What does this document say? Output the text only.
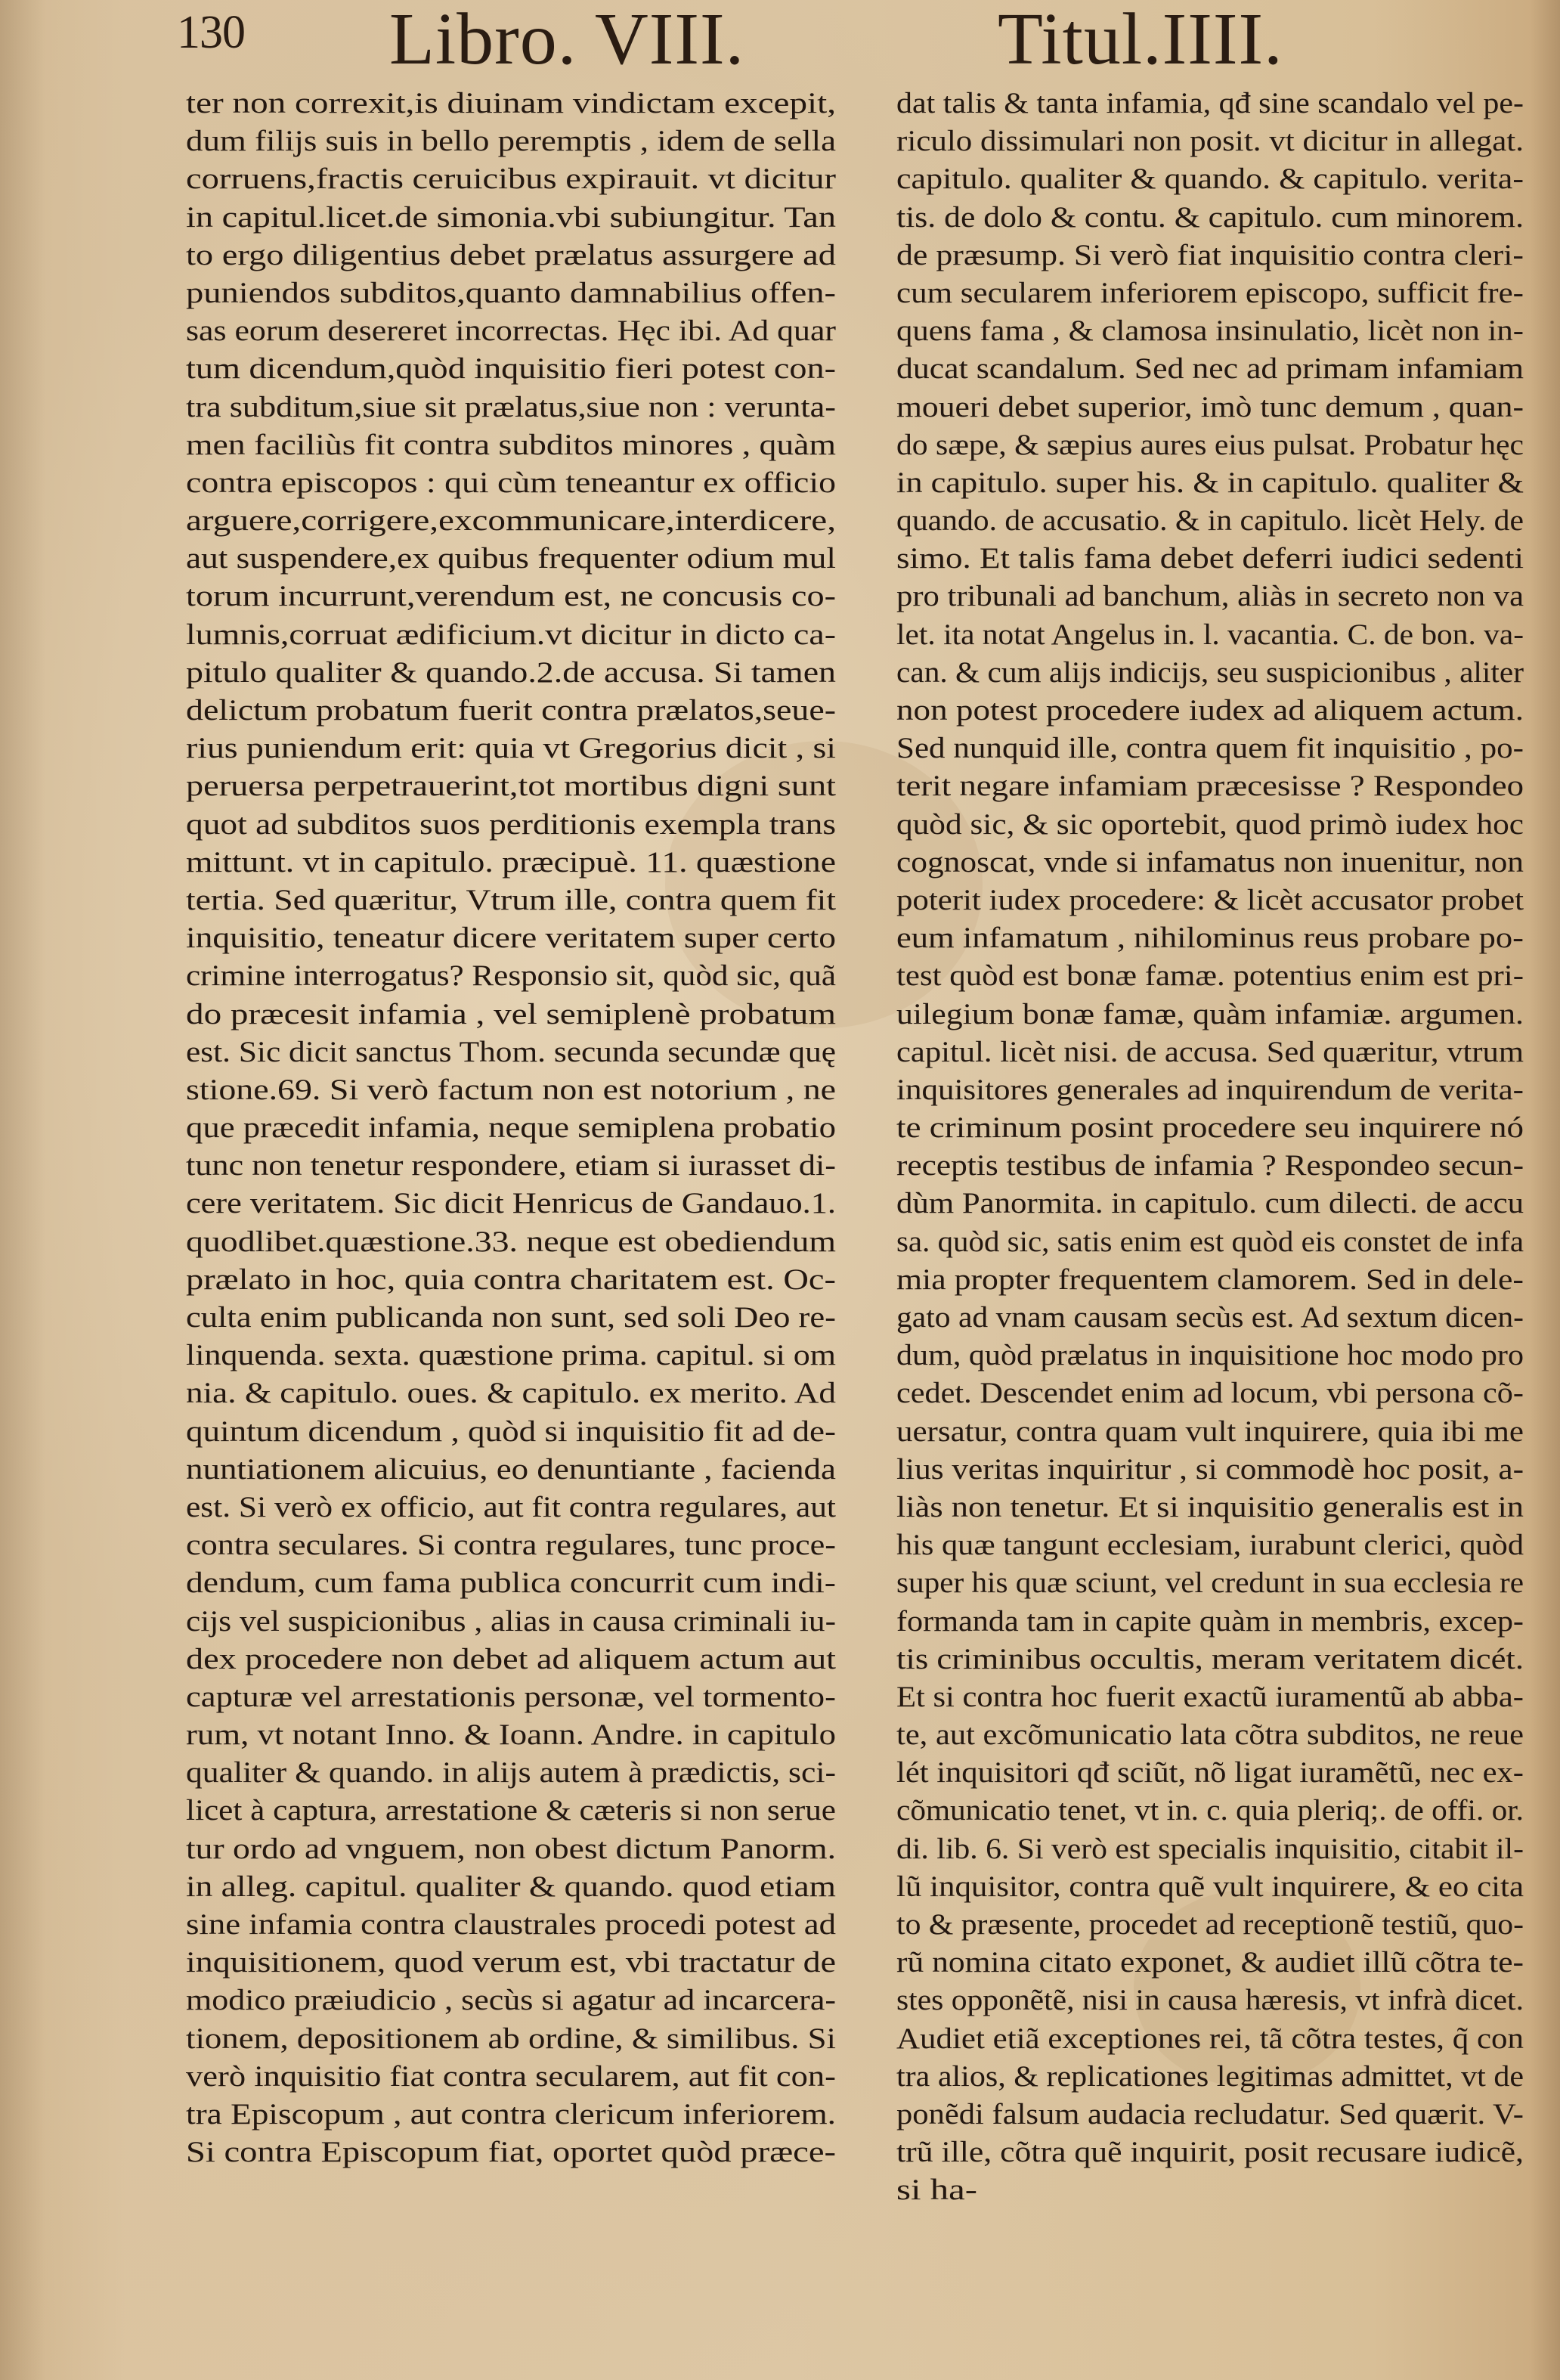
130 Libro. VIII.	Titul.IIII.
ter non correxit,is diuinam vindictam excepit,
dum filijs suis in bello peremptis , idem de sella
corruens,fractis ceruicibus expirauit. vt dicitur
in capitul.licet.de simonia.vbi subiungitur. Tan
to ergo diligentius debet prælatus assurgere ad
puniendos subditos,quanto damnabilius offen-
sas eorum desereret incorrectas. Hęc ibi. Ad quar
tum dicendum,quòd inquisitio fieri potest con-
tra subditum,siue sit prælatus,siue non : verunta-
men faciliùs fit contra subditos minores , quàm
contra episcopos : qui cùm teneantur ex officio
arguere,corrigere,excommunicare,interdicere,
aut suspendere,ex quibus frequenter odium mul
torum incurrunt,verendum est, ne concusis co-
lumnis,corruat ædificium.vt dicitur in dicto ca-
pitulo qualiter & quando.2.de accusa. Si tamen
delictum probatum fuerit contra prælatos,seue-
rius puniendum erit: quia vt Gregorius dicit , si
peruersa perpetrauerint,tot mortibus digni sunt
quot ad subditos suos perditionis exempla trans
mittunt. vt in capitulo. præcipuè. 11. quæstione
tertia. Sed quæritur, Vtrum ille, contra quem fit
inquisitio, teneatur dicere veritatem super certo
crimine interrogatus? Responsio sit, quòd sic, quã
do præcesit infamia , vel semiplenè probatum
est. Sic dicit sanctus Thom. secunda secundæ quę
stione.69. Si verò factum non est notorium , ne
que præcedit infamia, neque semiplena probatio
tunc non tenetur respondere, etiam si iurasset di-
cere veritatem. Sic dicit Henricus de Gandauo.1.
quodlibet.quæstione.33. neque est obediendum
prælato in hoc, quia contra charitatem est. Oc-
culta enim publicanda non sunt, sed soli Deo re-
linquenda. sexta. quæstione prima. capitul. si om
nia. & capitulo. oues. & capitulo. ex merito. Ad
quintum dicendum , quòd si inquisitio fit ad de-
nuntiationem alicuius, eo denuntiante , facienda
est. Si verò ex officio, aut fit contra regulares, aut
contra seculares. Si contra regulares, tunc proce-
dendum, cum fama publica concurrit cum indi-
cijs vel suspicionibus , alias in causa criminali iu-
dex procedere non debet ad aliquem actum aut
capturæ vel arrestationis personæ, vel tormento-
rum, vt notant Inno. & Ioann. Andre. in capitulo
qualiter & quando. in alijs autem à prædictis, sci-
licet à captura, arrestatione & cæteris si non serue
tur ordo ad vnguem, non obest dictum Panorm.
in alleg. capitul. qualiter & quando. quod etiam
sine infamia contra claustrales procedi potest ad
inquisitionem, quod verum est, vbi tractatur de
modico præiudicio , secùs si agatur ad incarcera-
tionem, depositionem ab ordine, & similibus. Si
verò inquisitio fiat contra secularem, aut fit con-
tra Episcopum , aut contra clericum inferiorem.
Si contra Episcopum fiat, oportet quòd præce-
dat talis & tanta infamia, qđ sine scandalo vel pe-
riculo dissimulari non posit. vt dicitur in allegat.
capitulo. qualiter & quando. & capitulo. verita-
tis. de dolo & contu. & capitulo. cum minorem.
de præsump. Si verò fiat inquisitio contra cleri-
cum secularem inferiorem episcopo, sufficit fre-
quens fama , & clamosa insinulatio, licèt non in-
ducat scandalum. Sed nec ad primam infamiam
moueri debet superior, imò tunc demum , quan-
do sæpe, & sæpius aures eius pulsat. Probatur hęc
in capitulo. super his. & in capitulo. qualiter &
quando. de accusatio. & in capitulo. licèt Hely. de
simo. Et talis fama debet deferri iudici sedenti
pro tribunali ad banchum, aliàs in secreto non va
let. ita notat Angelus in. l. vacantia. C. de bon. va-
can. & cum alijs indicijs, seu suspicionibus , aliter
non potest procedere iudex ad aliquem actum.
Sed nunquid ille, contra quem fit inquisitio , po-
terit negare infamiam præcesisse ? Respondeo
quòd sic, & sic oportebit, quod primò iudex hoc
cognoscat, vnde si infamatus non inuenitur, non
poterit iudex procedere: & licèt accusator probet
eum infamatum , nihilominus reus probare po-
test quòd est bonæ famæ. potentius enim est pri-
uilegium bonæ famæ, quàm infamiæ. argumen.
capitul. licèt nisi. de accusa. Sed quæritur, vtrum
inquisitores generales ad inquirendum de verita-
te criminum posint procedere seu inquirere nó
receptis testibus de infamia ? Respondeo secun-
dùm Panormita. in capitulo. cum dilecti. de accu
sa. quòd sic, satis enim est quòd eis constet de infa
mia propter frequentem clamorem. Sed in dele-
gato ad vnam causam secùs est. Ad sextum dicen-
dum, quòd prælatus in inquisitione hoc modo pro
cedet. Descendet enim ad locum, vbi persona cõ-
uersatur, contra quam vult inquirere, quia ibi me
lius veritas inquiritur , si commodè hoc posit, a-
liàs non tenetur. Et si inquisitio generalis est in
his quæ tangunt ecclesiam, iurabunt clerici, quòd
super his quæ sciunt, vel credunt in sua ecclesia re
formanda tam in capite quàm in membris, excep-
tis criminibus occultis, meram veritatem dicét.
Et si contra hoc fuerit exactũ iuramentũ ab abba-
te, aut excõmunicatio lata cõtra subditos, ne reue
lét inquisitori qđ sciũt, nõ ligat iuramẽtũ, nec ex-
cõmunicatio tenet, vt in. c. quia pleriq;. de offi. or.
di. lib. 6. Si verò est specialis inquisitio, citabit il-
lũ inquisitor, contra quẽ vult inquirere, & eo cita
to & præsente, procedet ad receptionẽ testiũ, quo-
rũ nomina citato exponet, & audiet illũ cõtra te-
stes opponẽtẽ, nisi in causa hæresis, vt infrà dicet.
Audiet etiã exceptiones rei, tã cõtra testes, q̃ con
tra alios, & replicationes legitimas admittet, vt de
ponẽdi falsum audacia recludatur. Sed quærit. V-
trũ ille, cõtra quẽ inquirit, posit recusare iudicẽ,
si ha-
